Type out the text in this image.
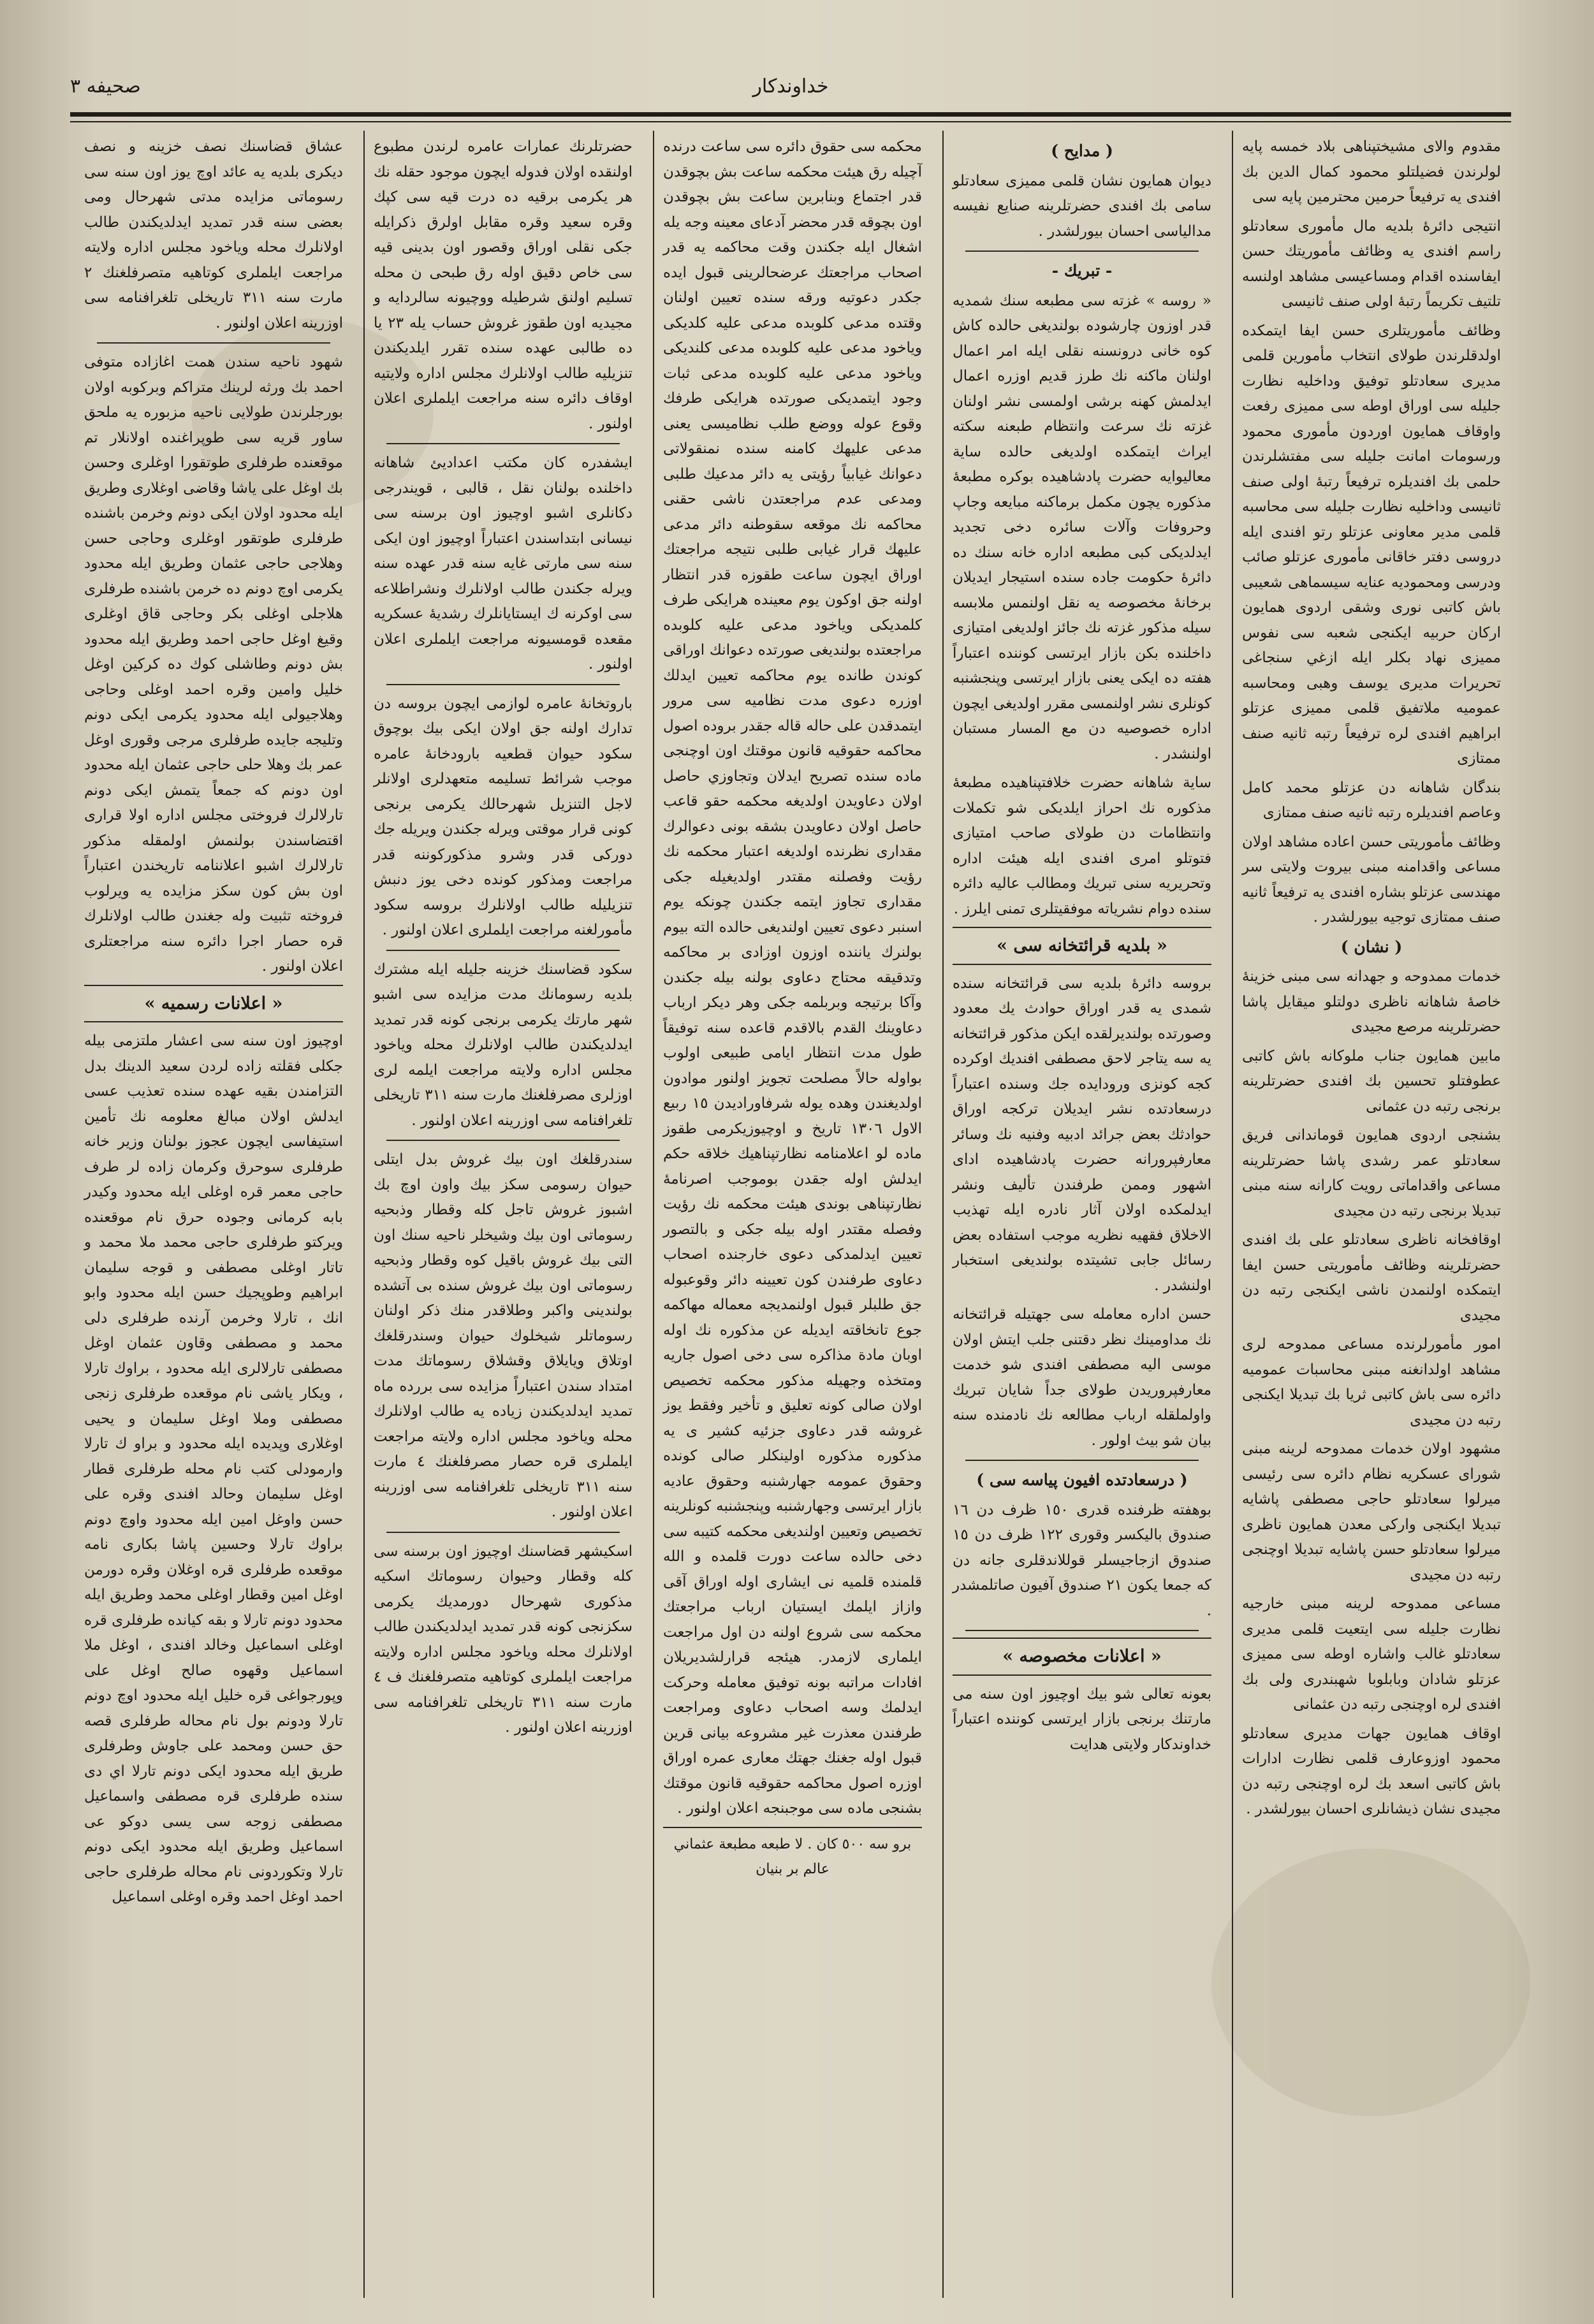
خداوندكار
صحيفه ۳

مقدوم والاى مشيختپناهى بلاد خمسه پايه لولرندن فضيلتلو محمود كمال الدين بك افندى يه ترفيعاً حرمين محترمين پايه سى

انتيجى دائرهٔ بلديه مال مأمورى سعادتلو راسم افندى يه وظائف مأموريتك حسن ايفاسنده اقدام ومساعيسى مشاهد اولنسه تلتيف تكريماً رتبهٔ اولى صنف ثانيسى

وظائف مأموريتلرى حسن ايفا ايتمكده اولدقلرندن طولاى انتخاب مأمورين قلمى مديرى سعادتلو توفيق وداخليه نظارت جليله سى اوراق اوطه سى مميزى رفعت واوقاف همايون اوردون مأمورى محمود ورسومات امانت جليله سى مفتشلرندن حلمى بك افنديلره ترفيعاً رتبهٔ اولى صنف ثانيسى وداخليه نظارت جليله سى محاسبه قلمى مدير معاونى عزتلو رتو افندى ايله دروسى دفتر خاقانى مأمورى عزتلو صائب ودرسى ومحموديه عنايه سيسماهى شعيبى باش كاتبى نورى وشقى اردوى همايون اركان حربيه ايكنجى شعبه سى نفوس مميزى نهاد بكلر ايله ازغي سنجاغى تحريرات مديرى يوسف وهبى ومحاسبه عموميه ملاتفيق قلمى مميزى عزتلو ابراهيم افندى لره ترفيعاً رتبه ثانيه صنف ممتازى

بندگان شاهانه دن عزتلو محمد كامل وعاصم افنديلره رتبه ثانيه صنف ممتازى

وظائف مأموريتى حسن اعاده مشاهد اولان مساعى واقدامنه مبنى بيروت ولايتى سر مهندسى عزتلو بشاره افندى يه ترفيعاً ثانيه صنف ممتازى توجيه بيورلشدر .

( نشان )

خدمات ممدوحه و جهدانه سى مبنى خزينهٔ خاصهٔ شاهانه ناظرى دولتلو ميقايل پاشا حضرتلرينه مرصع مجيدى

مابين همايون جناب ملوكانه باش كاتبى عطوفتلو تحسين بك افندى حضرتلرينه برنجى رتبه دن عثمانى

بشنجى اردوى همايون قوماندانى فريق سعادتلو عمر رشدى پاشا حضرتلرينه مساعى واقداماتى رويت كارانه سنه مبنى تبديلا برنجى رتبه دن مجيدى

اوقافخانه ناظرى سعادتلو على بك افندى حضرتلرينه وظائف مأموريتى حسن ايفا ايتمكده اولنمدن ناشى ايكنجى رتبه دن مجيدى

امور مأمورلرنده مساعى ممدوحه لرى مشاهد اولدانغنه مبنى محاسبات عموميه دائره سى باش كاتبى ثريا بك تبديلا ايكنجى رتبه دن مجيدى

مشهود اولان خدمات ممدوحه لرينه مبنى شوراى عسكريه نظام دائره سى رئيسى ميرلوا سعادتلو حاجى مصطفى پاشايه تبديلا ايكنجى واركى معدن همايون ناظرى ميرلوا سعادتلو حسن پاشايه تبديلا اوچنجى رتبه دن مجيدى

مساعى ممدوحه لرينه مبنى خارجيه نظارت جليله سى ايتعيت قلمى مديرى سعادتلو غالب واشاره اوطه سى مميزى عزتلو شادان وبابلوبا شهبندرى ولى بك افندى لره اوچنجى رتبه دن عثمانى

اوقاف همايون جهات مديرى سعادتلو محمود اوزوعارف قلمى نظارت ادارات باش كاتبى اسعد بك لره اوچنجى رتبه دن مجيدى نشان ذيشانلرى احسان بيورلشدر .

( مدايح )

ديوان همايون نشان قلمى مميزى سعادتلو سامى بك افندى حضرتلرينه صنايع نفيسه مدالياسى احسان بيورلشدر .

- تبريك -

« روسه » غزته سى مطبعه سنك شمديه قدر اوزون چارشوده بولنديغى حالده كاش كوه خانى درونسنه نقلى ايله امر اعمال اولنان ماكنه نك طرز قديم اوزره اعمال ايدلمش كهنه برشى اولمسى نشر اولنان غزته نك سرعت وانتظام طبعنه سكته ايراث ايتمكده اولديغى حالده ساية معاليوايه حضرت پادشاهيده بوكره مطبعهٔ مذكوره يچون مكمل برماكنه مبايعه وجاپ وحروفات وآلات سائره دخى تجديد ايدلديكى كبى مطبعه اداره خانه سنك ده دائرهٔ حكومت جاده سنده استيجار ايديلان برخانهٔ مخصوصه يه نقل اولنمس ملابسه سيله مذكور غزته نك جائز اولديغى امتيازى داخلنده بكن بازار ايرتسى كوننده اعتباراً هفته ده ايكى يعنى بازار ايرتسى وپنجشنبه كونلرى نشر اولنمسى مقرر اولديغى ايچون اداره خصوصيه دن مع المسار مستبان اولنشدر .

ساية شاهانه حضرت خلافتپناهيده مطبعهٔ مذكوره نك احراز ايلديكى شو تكملات وانتظامات دن طولاى صاحب امتيازى فتوتلو امرى افندى ايله هيئت اداره وتحريريه سنى تبريك ومطالب عاليه دائره سنده دوام نشرياته موفقيتلرى تمنى ايلرز .

« بلديه قرائتخانه سى »

بروسه دائرهٔ بلديه سى قرائتخانه سنده شمدى يه قدر اوراق حوادث يك معدود وصورتده بولنديرلقده ايكن مذكور قرائتخانه يه سه يتاجر لاحق مصطفى افنديك اوكرده كجه كونزى ورودايده جك وسنده اعتباراً درسعادتده نشر ايديلان تركجه اوراق حوادثك بعض جرائد ادبيه وفنيه نك وسائر معارفپرورانه حضرت پادشاهيده اداى اشهور وممن طرفندن تأليف ونشر ايدلمكده اولان آثار نادره ايله تهذيب الاخلاق فقهيه نظريه موجب استفاده بعض رسائل جابى تشيتده بولنديغى استخبار اولنشدر .

حسن اداره معامله سى جهتيله قرائتخانه نك مداومينك نظر دقتنى جلب ايتش اولان موسى اليه مصطفى افندى شو خدمت معارفپروريدن طولاى جداً شايان تبريك واولملقله ارباب مطالعه نك نادمنده سنه بيان شو بيث اولور .

( درسعادتده افيون پياسه سى )

بوهفته ظرفنده قدرى ١٥٠ ظرف دن ١٦ صندوق باليكسر وقورى ١٢٢ ظرف دن ١٥ صندوق ازجاجيسلر قوللاندقلرى جانه دن كه جمعا يكون ٢١ صندوق آفيون صاتلمشدر .

« اعلانات مخصوصه »

بعونه تعالى شو بيك اوچيوز اون سنه مى مارتنك برنجى بازار ايرتسى كوننده اعتباراً خداوندكار ولايتى هدايت

محكمه سى حقوق دائره سى ساعت درنده آچيله رق هيئت محكمه ساعت بش بچوقدن قدر اجتماع وبنابرين ساعت بش بچوقدن اون بچوقه قدر محضر آدعاى معينه وجه يله اشغال ايله جكندن وقت محاكمه يه قدر اصحاب مراجعتك عرضحالرينى قبول ايده جكدر دعوتيه ورقه سنده تعيين اولنان وقتده مدعى كلوبده مدعى عليه كلديكى وياخود مدعى عليه كلوبده مدعى كلنديكى وياخود مدعى عليه كلوبده مدعى ثبات وجود ايتمديكى صورتده هرايكى طرفك وقوع عوله ووضع طلب نظاميسى يعنى مدعى عليهك كامنه سنده نمنقولاتى دعوانك غيابياً رؤيتى يه دائر مدعيك طلبى ومدعى عدم مراجعتدن ناشى حقنى محاكمه نك موقعه سقوطنه دائر مدعى عليهك قرار غيابى طلبى نتيجه مراجعتك اوراق ايچون ساعت طقوزه قدر انتظار اولنه جق اوكون يوم معينده هرايكى طرف كلمديكى وياخود مدعى عليه كلوبده مراجعتده بولنديغى صورتده دعوانك اوراقى كوندن طانده يوم محاكمه تعيين ايدلك اوزره دعوى مدت نظاميه سى مرور ايتمدقدن على حاله قاله جقدر بروده اصول محاكمه حقوقيه قانون موقتك اون اوچنجى ماده سنده تصريح ايدلان وتجاوزي حاصل اولان دعاويدن اولديغه محكمه حقو قاعب حاصل اولان دعاويدن بشقه بونى دعوالرك مقدارى نظرنده اولديغه اعتبار محكمه نك رؤيت وفصلنه مقتدر اولديغيله جكى مقدارى تجاوز ايتمه جكندن چونكه يوم اسنبر دعوى تعيين اولنديغى حالده الته بيوم بولنرك ياننده اوزون اوزادى بر محاكمه وتدقيقه محتاج دعاوى بولنه بيله جكندن وآكا برتيجه وبربلمه جكى وهر ديكر ارباب دعاوينك القدم بالاقدم قاعده سنه توفيقاً طول مدت انتظار ايامى طبيعى اولوب بواوله حالاً مصلحت تجويز اولنور موادون اولديغندن وهده يوله شرفاوراديدن ١٥ ربيع الاول ١٣٠٦ تاريخ و اوچيوزيكرمى طقوز ماده لو اعلامنامه نظارتپناهيك خلاقه حكم ايدلش اوله جقدن بوموجب اصرنامهٔ نظارتپناهى بوندى هيئت محكمه نك رؤيت وفصله مقتدر اوله بيله جكى و بالتصور تعيين ايدلمدكى دعوى خارجنده اصحاب دعاوى طرفندن كون تعيينه دائر وقوعبوله جق طلبلر قبول اولنمديجه معماله مهاكمه جوع تانخاقته ايديله عن مذكوره نك اوله اوبان مادة مذاكره سى دخى اصول جاريه ومتخذه وجهيله مذكور محكمه تخصيص اولان صالى كونه تعليق و تأخير وفقط يوز غروشه قدر دعاوى جزئيه كشير ى يه مذكوره مذكوره اولينكلر صالى كونده وحقوق عمومه جهارشنبه وحقوق عاديه بازار ايرتسى وجهارشنبه وپنجشنبه كونلرينه تخصيص وتعيين اولنديغى محكمه كتيبه سى دخى حالده ساعت دورت قلمده و الله قلمنده قلميه نى ايشارى اوله اوراق آقى وازاز ايلمك ايستيان ارباب مراجعتك محكمه سى شروع اولنه دن اول مراجعت ايلمارى لازمدر. هيئجه قرارلشديريلان افادات مراتبه بونه توفيق معامله وحركت ايدلمك وسه اصحاب دعاوى ومراجعت طرفندن معذرت غير مشروعه بيانى قرين قبول اوله جغنك جهتك معارى عمره اوراق اوزره اصول محاكمه حقوقيه قانون موقتك بشنجى ماده سى موجبنجه اعلان اولنور .

برو سه ٥٠٠ كان . لا طبعه مطبعة عثماني عالم بر بنيان

حضرتلرنك عمارات عامره لرندن مطبوع اولنقده اولان فدوله ايچون موجود حقله نك هر يكرمى برقيه ده درت قيه سى كپك وقره سعيد وقره مقابل اولرق ذكرايله جكى نقلى اوراق وقصور اون بدينى قيه سى خاص دقيق اوله رق طبحى ن محله تسليم اولنق شرطيله ووچيونه سالردايه و مجيديه اون طقوز غروش حساب يله ٢٣ يا ده طالبى عهده سنده تقرر ايلديكندن تنزيليه طالب اولانلرك مجلس اداره ولايتيه اوقاف دائره سنه مراجعت ايلملرى اعلان اولنور .

ايشفدره كان مكتب اعداديئ شاهانه داخلنده بولنان نقل ، قالبى ، قويندرجى دكانلرى اشبو اوچيوز اون برسنه سى نيسانى ابتداسندن اعتباراً اوچيوز اون ايكى سنه سى مارتى غايه سنه قدر عهده سنه ويرله جكندن طالب اولانلرك ونشراطلاعه سى اوكرنه ك ايستايانلرك رشديهٔ عسكريه مقعده قومسيونه مراجعت ايلملرى اعلان اولنور .

باروتخانهٔ عامره لوازمى ايچون بروسه دن تدارك اولنه جق اولان ايكى بيك بوچوق سكود حيوان قطعيه بارودخانهٔ عامره موجب شرائط تسليمه متعهدلرى اولانلر لاجل التنزيل شهرحالك يكرمى برنجى كونى قرار موقتى ويرله جكندن ويريله جك دوركى قدر وشرو مذكوركوننه قدر مراجعت ومذكور كونده دخى يوز دنبش تنزيليله طالب اولانلرك بروسه سكود مأمورلغنه مراجعت ايلملرى اعلان اولنور .

سكود قضاسنك خزينه جليله ايله مشترك بلديه رسومانك مدت مزايده سى اشبو شهر مارتك يكرمى برنجى كونه قدر تمديد ايدلديكندن طالب اولانلرك محله وياخود مجلس اداره ولايته مراجعت ايلمه لرى اوزلرى مصرفلغنك مارت سنه ٣١١ تاريخلى تلغرافنامه سى اوزرينه اعلان اولنور .

سندرقلغك اون بيك غروش بدل ايتلى حيوان رسومى سكز بيك واون اوچ بك اشبوز غروش تاجل كله وقطار وذبحيه رسوماتى اون بيك وشيخلر ناحيه سنك اون التى بيك غروش باقيل كوه وقطار وذبحيه رسوماتى اون بيك غروش سنده بى آتشده بولندينى واكبر وطلاقدر منك ذكر اولنان رسوماتلر شيخلوك حيوان وسندرقلغك اوتلاق ويايلاق وقشلاق رسوماتك مدت امتداد سندن اعتباراً مزايده سى بررده ماه تمديد ايدلديكندن زياده يه طالب اولانلرك محله وياخود مجلس اداره ولايته مراجعت ايلملرى قره حصار مصرفلغنك ٤ مارت سنه ٣١١ تاريخلى تلغرافنامه سى اوزرينه اعلان اولنور .

اسكيشهر قضاسنك اوچيوز اون برسنه سى كله وقطار وحيوان رسوماتك اسكيه مذكورى شهرحال دورمديك يكرمى سكزنجى كونه قدر تمديد ايدلديكندن طالب اولانلرك محله وياخود مجلس اداره ولايته مراجعت ايلملرى كوتاهيه متصرفلغنك ف ٤ مارت سنه ٣١١ تاريخلى تلغرافنامه سى اوزرينه اعلان اولنور .

عشاق قضاسنك نصف خزينه و نصف ديكرى بلديه يه عائد اوچ يوز اون سنه سى رسوماتى مزايده مدتى شهرحال ومى بعضى سنه قدر تمديد ايدلديكندن طالب اولانلرك محله وياخود مجلس اداره ولايته مراجعت ايلملرى كوتاهيه متصرفلغنك ٢ مارت سنه ٣١١ تاريخلى تلغرافنامه سى اوزرينه اعلان اولنور .

شهود ناحيه سندن همت اغازاده متوفى احمد بك ورثه لرينك متراكم وبركوبه اولان بورجلرندن طولايى ناحيه مزبوره يه ملحق ساور قريه سى طوپراغنده اولانلار تم موقعنده طرفلرى طوتقورا اوغلرى وحسن بك اوغل على ياشا وقاضى اوغلارى وطريق ايله محدود اولان ايكى دونم وخرمن باشنده طرفلرى طوتقور اوغلرى وحاجى حسن وهلاجى حاجى عثمان وطريق ايله محدود يكرمى اوچ دونم ده خرمن باشنده طرفلرى هلاجلى اوغلى بكر وحاجى قاق اوغلرى وقيغ اوغل حاجى احمد وطريق ايله محدود بش دونم وطاشلى كوك ده كركين اوغل خليل وامين وقره احمد اوغلى وحاجى وهلاجيولى ايله محدود يكرمى ايكى دونم وتليجه جايده طرفلرى مرجى وقورى اوغل عمر بك وهلا حلى حاجى عثمان ايله محدود اون دونم كه جمعاً يتمش ايكى دونم تارلالرك فروختى مجلس اداره اولا قرارى اقتضاسندن بولنمش اولمقله مذكور تارلالرك اشبو اعلاننامه تاريخندن اعتباراً اون بش كون سكز مزايده يه ويرلوب فروخته تثبيت وله جغندن طالب اولانلرك قره حصار اجرا دائره سنه مراجعتلرى اعلان اولنور .

« اعلانات رسميه »

اوچيوز اون سنه سى اعشار ملتزمى بيله جكلى فقلته زاده لردن سعيد الدينك بدل التزامندن بقيه عهده سنده تعذيب عسى ايدلش اولان مبالغ معلومه نك تأمين استيفاسى ايچون عجوز بولنان وزير خانه طرفلرى سوحرق وكرمان زاده لر طرف حاجى معمر قره اوغلى ايله محدود وكيدر بابه كرمانى وجوده حرق نام موقعنده ويركتو طرفلرى حاجى محمد ملا محمد و تاتار اوغلى مصطفى و قوجه سليمان ابراهيم وطوپجيك حسن ايله محدود وابو انك ، تارلا وخرمن آرنده طرفلرى دلى محمد و مصطفى وقاون عثمان اوغل مصطفى تارلالرى ايله محدود ، براوك تارلا ، ويكار ياشى نام موقعده طرفلرى زنجى مصطفى وملا اوغل سليمان و يحيى اوغلارى وپديده ايله محدود و براو ك تارلا وارمودلى كتب نام محله طرفلرى قطار اوغل سليمان وحالد افندى وقره على حسن واوغل امين ايله محدود واوچ دونم براوك تارلا وحسين پاشا بكارى نامه موقعده طرفلرى قره اوغلان وقره دورمن اوغل امين وقطار اوغلى محمد وطريق ايله محدود دونم تارلا و بقه كيانده طرفلرى قره اوغلى اسماعيل وخالد افندى ، اوغل ملا اسماعيل وقهوه صالح اوغل على وپورجواغى قره خليل ايله محدود اوچ دونم تارلا ودونم بول نام محاله طرفلرى قصه حق حسن ومحمد على جاوش وطرفلرى طريق ايله محدود ايكى دونم تارلا اي دى سنده طرفلرى قره مصطفى واسماعيل مصطفى زوجه سى يسى دوكو عى اسماعيل وطريق ايله محدود ايكى دونم تارلا وتكوردونى نام محاله طرفلرى حاجى احمد اوغل احمد وقره اوغلى اسماعيل
